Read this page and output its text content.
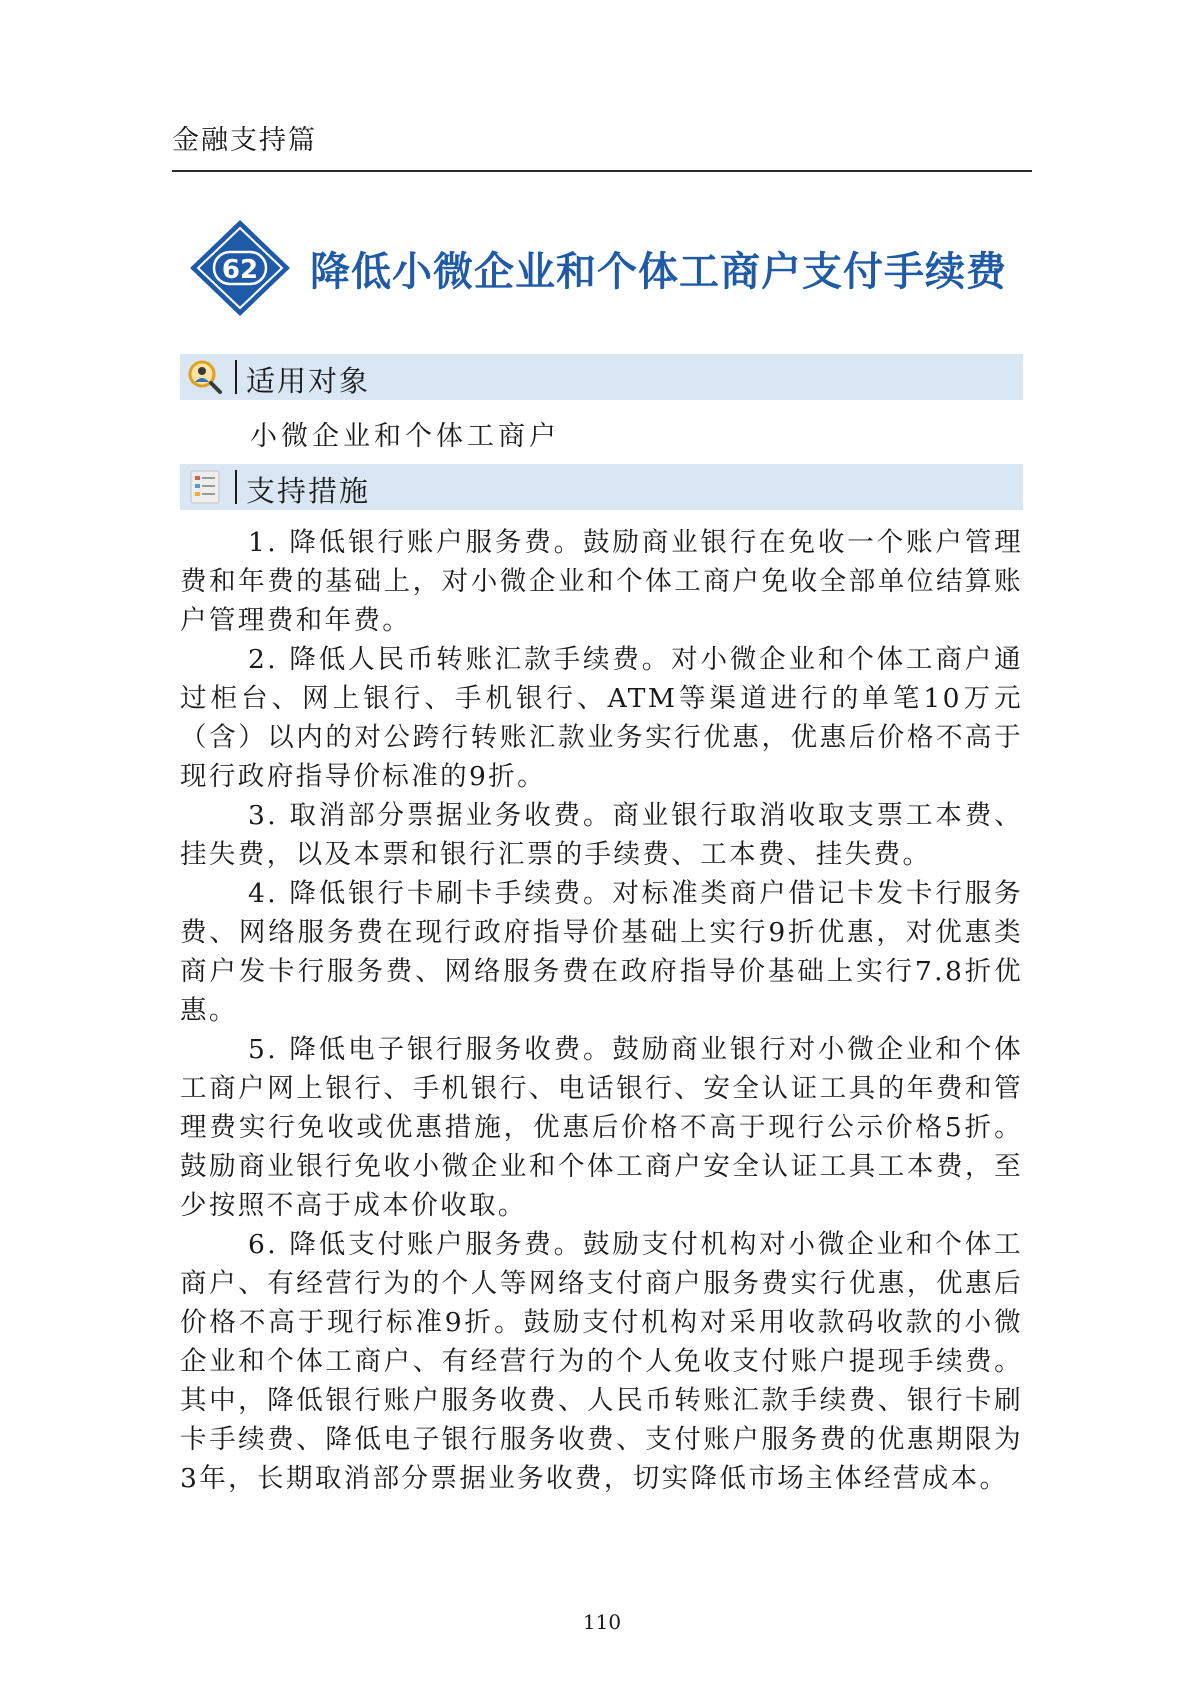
金融支持篇
62 降低小微企业和个体工商户支付手续费
适用对象
小微企业和个体工商户
支持措施

1. 降低银行账户服务费。鼓励商业银行在免收一个账户管理费和年费的基础上，对小微企业和个体工商户免收全部单位结算账户管理费和年费。

2. 降低人民币转账汇款手续费。对小微企业和个体工商户通过柜台、网上银行、手机银行、ATM等渠道进行的单笔10万元（含）以内的对公跨行转账汇款业务实行优惠，优惠后价格不高于现行政府指导价标准的9折。

3. 取消部分票据业务收费。商业银行取消收取支票工本费、挂失费，以及本票和银行汇票的手续费、工本费、挂失费。

4. 降低银行卡刷卡手续费。对标准类商户借记卡发卡行服务费、网络服务费在现行政府指导价基础上实行9折优惠，对优惠类商户发卡行服务费、网络服务费在政府指导价基础上实行7.8折优惠。

5. 降低电子银行服务收费。鼓励商业银行对小微企业和个体工商户网上银行、手机银行、电话银行、安全认证工具的年费和管理费实行免收或优惠措施，优惠后价格不高于现行公示价格5折。鼓励商业银行免收小微企业和个体工商户安全认证工具工本费，至少按照不高于成本价收取。

6. 降低支付账户服务费。鼓励支付机构对小微企业和个体工商户、有经营行为的个人等网络支付商户服务费实行优惠，优惠后价格不高于现行标准9折。鼓励支付机构对采用收款码收款的小微企业和个体工商户、有经营行为的个人免收支付账户提现手续费。其中，降低银行账户服务收费、人民币转账汇款手续费、银行卡刷卡手续费、降低电子银行服务收费、支付账户服务费的优惠期限为3年，长期取消部分票据业务收费，切实降低市场主体经营成本。

110
